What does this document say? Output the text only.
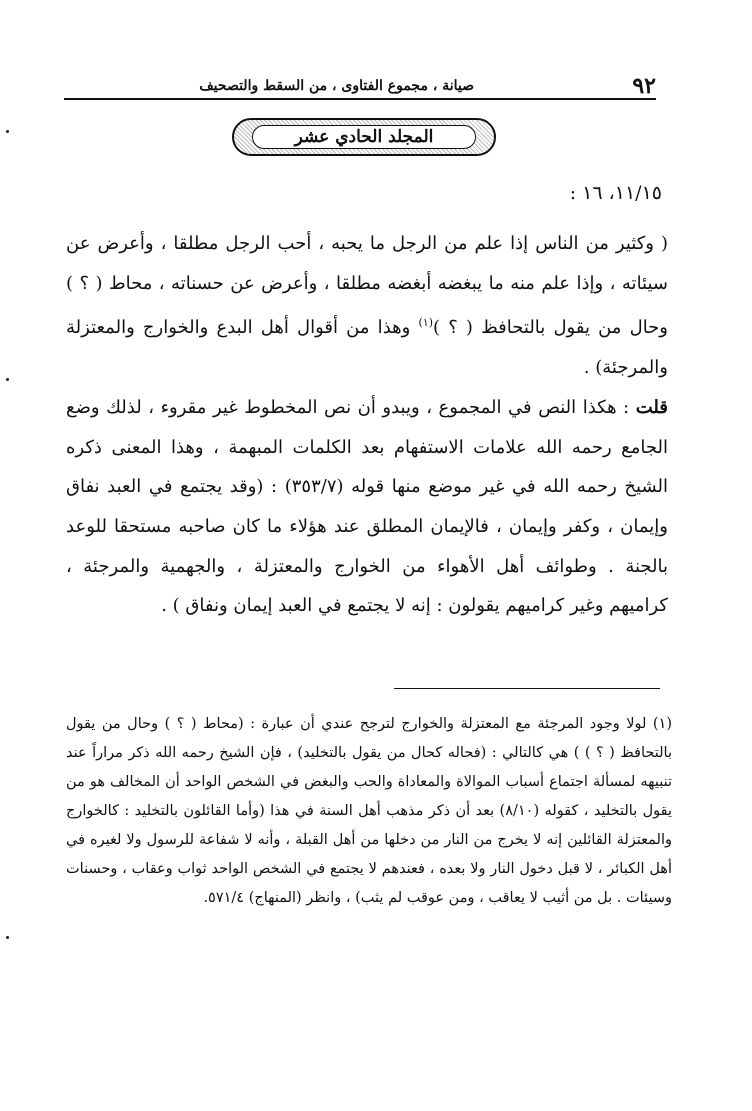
٩٢
صيانة ، مجموع الفتاوى ، من السقط والتصحيف
المجلد الحادي عشر
١١/١٥، ١٦ :

( وكثير من الناس إذا علم من الرجل ما يحبه ، أحب الرجل مطلقا ، وأعرض عن سيئاته ، وإذا علم منه ما يبغضه أبغضه مطلقا ، وأعرض عن حسناته ، محاط ( ؟ ) وحال من يقول بالتحافظ ( ؟ )$^{(١)}$ وهذا من أقوال أهل البدع والخوارج والمعتزلة والمرجئة) .

قلت : هكذا النص في المجموع ، ويبدو أن نص المخطوط غير مقروء ، لذلك وضع الجامع رحمه الله علامات الاستفهام بعد الكلمات المبهمة ، وهذا المعنى ذكره الشيخ رحمه الله في غير موضع منها قوله (٣٥٣/٧) : (وقد يجتمع في العبد نفاق وإيمان ، وكفر وإيمان ، فالإيمان المطلق عند هؤلاء ما كان صاحبه مستحقا للوعد بالجنة . وطوائف أهل الأهواء من الخوارج والمعتزلة ، والجهمية والمرجئة ، كراميهم وغير كراميهم يقولون : إنه لا يجتمع في العبد إيمان ونفاق ) .

(١) لولا وجود المرجئة مع المعتزلة والخوارج لترجح عندي أن عبارة : (محاط ( ؟ ) وحال من يقول بالتحافظ ( ؟ ) ) هي كالتالي : (فحاله كحال من يقول بالتخليد) ، فإن الشيخ رحمه الله ذكر مراراً عند تنبيهه لمسألة اجتماع أسباب الموالاة والمعاداة والحب والبغض في الشخص الواحد أن المخالف هو من يقول بالتخليد ، كقوله (٨/١٠) بعد أن ذكر مذهب أهل السنة في هذا (وأما القائلون بالتخليد : كالخوارج والمعتزلة القائلين إنه لا يخرج من النار من دخلها من أهل القبلة ، وأنه لا شفاعة للرسول ولا لغيره في أهل الكبائر ، لا قبل دخول النار ولا بعده ، فعندهم لا يجتمع في الشخص الواحد ثواب وعقاب ، وحسنات وسيئات . بل من أثيب لا يعاقب ، ومن عوقب لم يثب) ، وانظر (المنهاج) ٥٧١/٤.
